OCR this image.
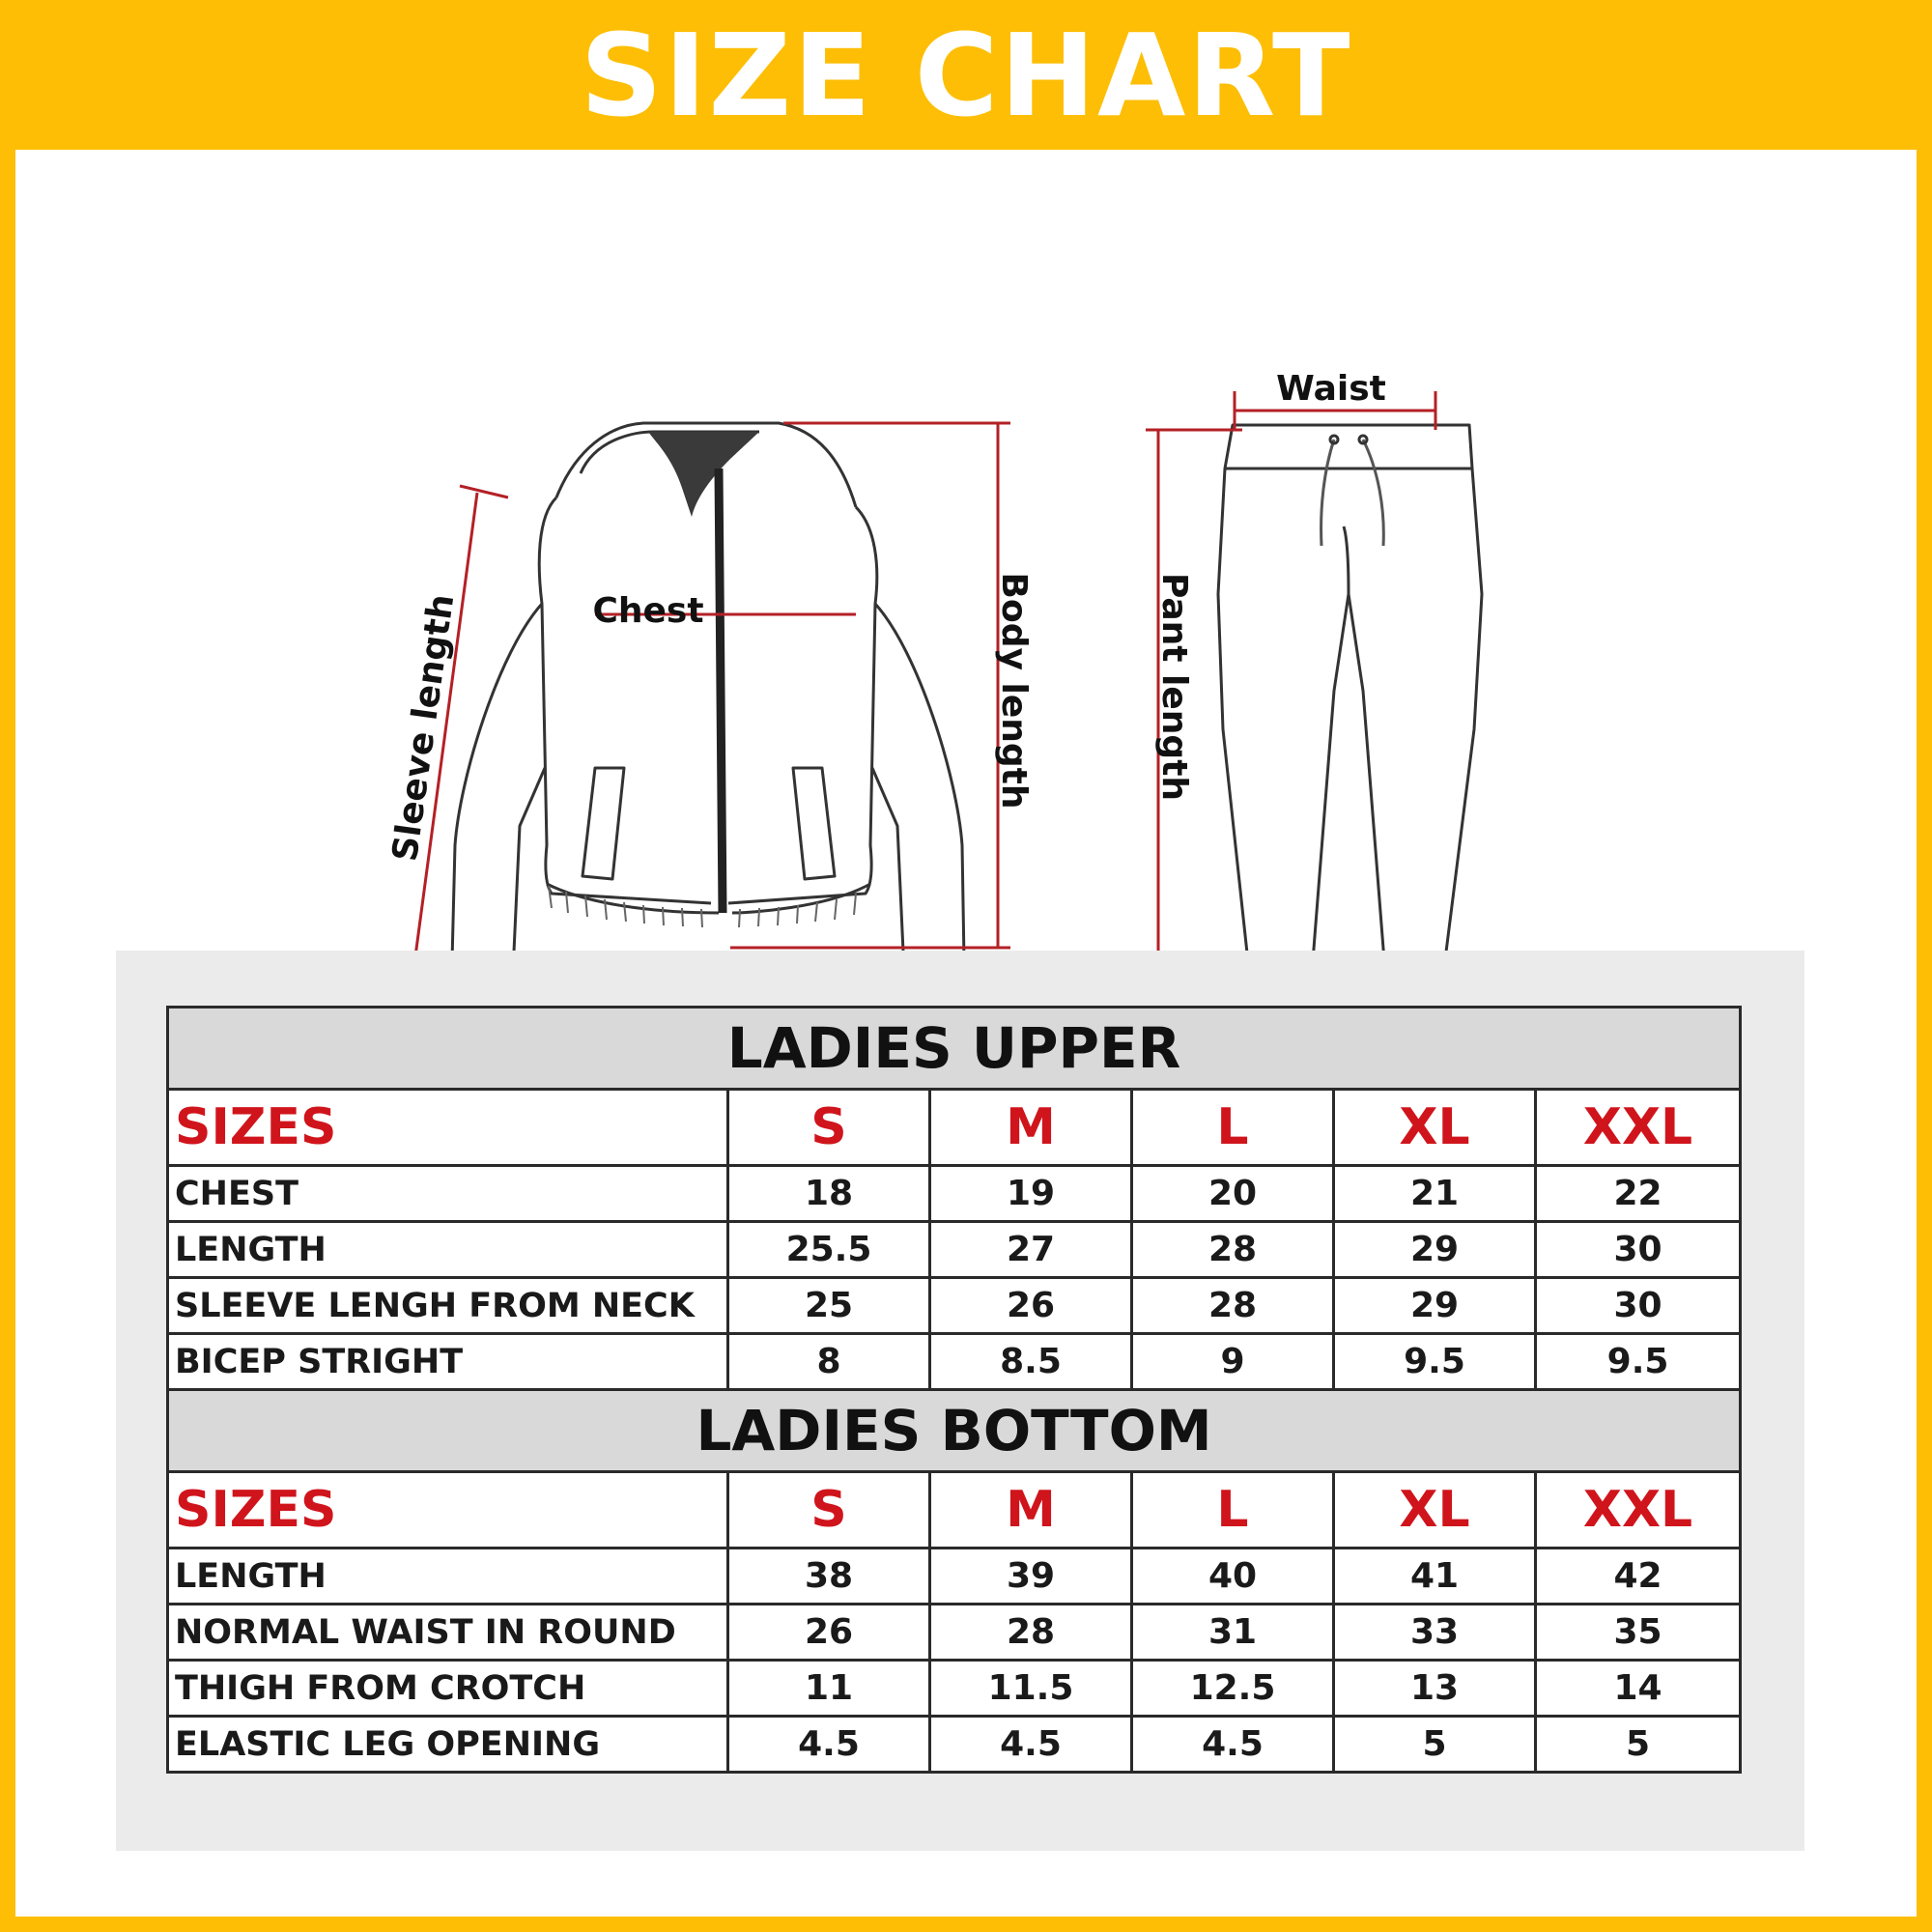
SIZE CHART
Chest
Sleeve length	Body length
Waist
Pant length
LADIES UPPER					
SIZES	S	M	L	XL	XXL
CHEST	18	19	20	21	22
LENGTH	25.5	27	28	29	30
SLEEVE LENGH FROM NECK	25	26	28	29	30
BICEP STRIGHT	8	8.5	9	9.5	9.5
LADIES BOTTOM					
SIZES	S	M	L	XL	XXL
LENGTH	38	39	40	41	42
NORMAL WAIST IN ROUND	26	28	31	33	35
THIGH FROM CROTCH	11	11.5	12.5	13	14
ELASTIC LEG OPENING	4.5	4.5	4.5	5	5
